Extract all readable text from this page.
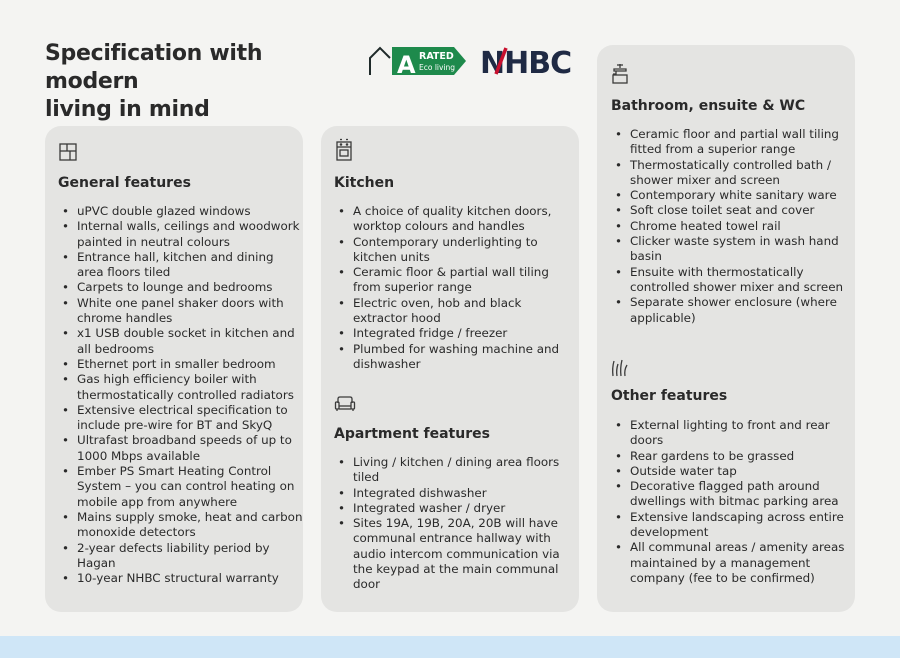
Specification with modern
living in mind
A RATED
Eco living NHBC
General features
• uPVC double glazed windows
• Internal walls, ceilings and woodwork painted in neutral colours
• Entrance hall, kitchen and dining area floors tiled
• Carpets to lounge and bedrooms
• White one panel shaker doors with chrome handles
• x1 USB double socket in kitchen and all bedrooms
• Ethernet port in smaller bedroom
• Gas high efficiency boiler with thermostatically controlled radiators
• Extensive electrical specification to include pre-wire for BT and SkyQ
• Ultrafast broadband speeds of up to 1000 Mbps available
• Ember PS Smart Heating Control System – you can control heating on mobile app from anywhere
• Mains supply smoke, heat and carbon monoxide detectors
• 2-year defects liability period by Hagan
• 10-year NHBC structural warranty
Kitchen
• A choice of quality kitchen doors, worktop colours and handles
• Contemporary underlighting to kitchen units
• Ceramic floor & partial wall tiling from superior range
• Electric oven, hob and black extractor hood
• Integrated fridge / freezer
• Plumbed for washing machine and dishwasher
Apartment features
• Living / kitchen / dining area floors tiled
• Integrated dishwasher
• Integrated washer / dryer
• Sites 19A, 19B, 20A, 20B will have communal entrance hallway with audio intercom communication via the keypad at the main communal door
Bathroom, ensuite & WC
• Ceramic floor and partial wall tiling fitted from a superior range
• Thermostatically controlled bath / shower mixer and screen
• Contemporary white sanitary ware
• Soft close toilet seat and cover
• Chrome heated towel rail
• Clicker waste system in wash hand basin
• Ensuite with thermostatically controlled shower mixer and screen
• Separate shower enclosure (where applicable)
Other features
• External lighting to front and rear doors
• Rear gardens to be grassed
• Outside water tap
• Decorative flagged path around dwellings with bitmac parking area
• Extensive landscaping across entire development
• All communal areas / amenity areas maintained by a management company (fee to be confirmed)
